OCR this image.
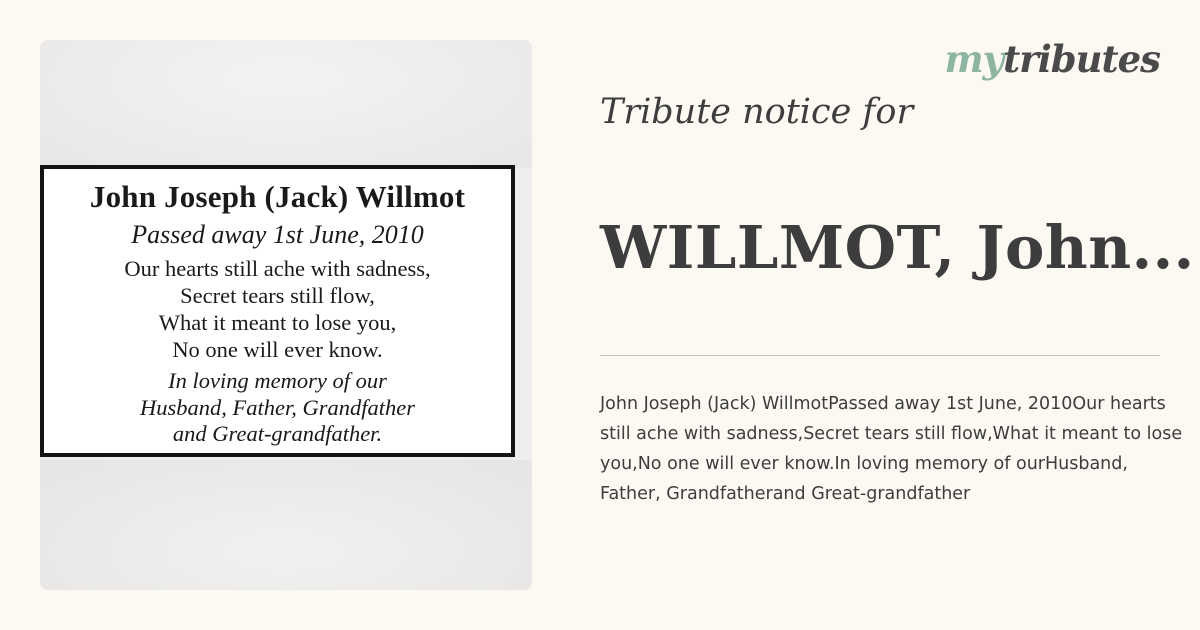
John Joseph (Jack) Willmot
Passed away 1st June, 2010
Our hearts still ache with sadness,
Secret tears still flow,
What it meant to lose you,
No one will ever know.
In loving memory of our
Husband, Father, Grandfather
and Great-grandfather.
mytributes
Tribute notice for
WILLMOT, John...
John Joseph (Jack) WillmotPassed away 1st June, 2010Our hearts still ache with sadness,Secret tears still flow,What it meant to lose you,No one will ever know.In loving memory of ourHusband, Father, Grandfatherand Great-grandfather
